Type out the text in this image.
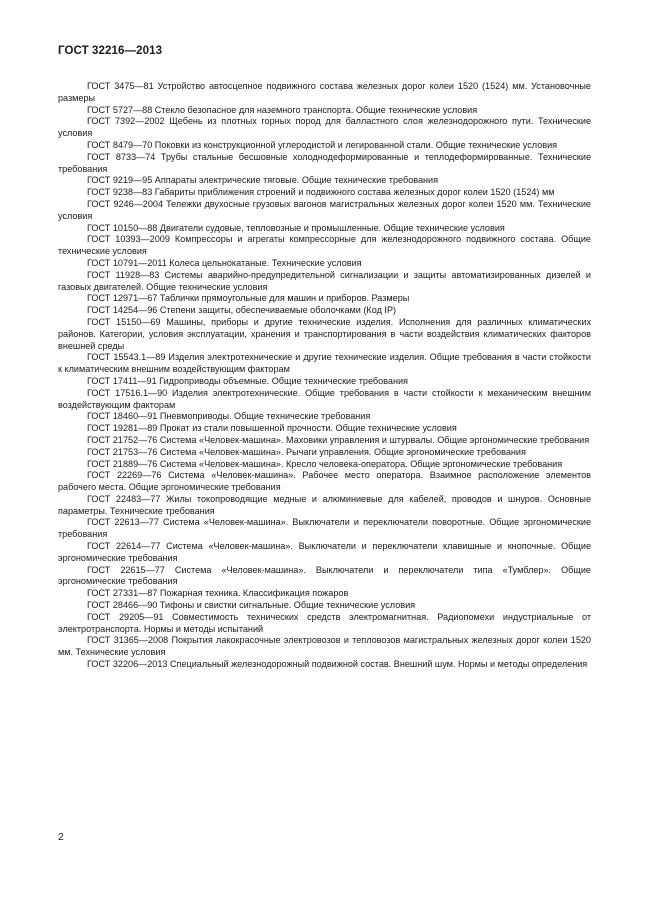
ГОСТ 32216—2013
ГОСТ 3475—81 Устройство автосцепное подвижного состава железных дорог колеи 1520 (1524) мм. Установочные размеры
ГОСТ 5727—88 Стекло безопасное для наземного транспорта. Общие технические условия
ГОСТ 7392—2002 Щебень из плотных горных пород для балластного слоя железнодорожного пути. Технические условия
ГОСТ 8479—70 Поковки из конструкционной углеродистой и легированной стали. Общие технические условия
ГОСТ 8733—74 Трубы стальные бесшовные холоднодеформированные и теплодеформированные. Технические требования
ГОСТ 9219—95 Аппараты электрические тяговые. Общие технические требования
ГОСТ 9238—83 Габариты приближения строений и подвижного состава железных дорог колеи 1520 (1524) мм
ГОСТ 9246—2004 Тележки двухосные грузовых вагонов магистральных железных дорог колеи 1520 мм. Технические условия
ГОСТ 10150—88 Двигатели судовые, тепловозные и промышленные. Общие технические условия
ГОСТ 10393—2009 Компрессоры и агрегаты компрессорные для железнодорожного подвижного состава. Общие технические условия
ГОСТ 10791—2011 Колеса цельнокатаные. Технические условия
ГОСТ 11928—83 Системы аварийно-предупредительной сигнализации и защиты автоматизированных дизелей и газовых двигателей. Общие технические условия
ГОСТ 12971—67 Таблички прямоугольные для машин и приборов. Размеры
ГОСТ 14254—96 Степени защиты, обеспечиваемые оболочками (Код IP)
ГОСТ 15150—69 Машины, приборы и другие технические изделия. Исполнения для различных климатических районов. Категории, условия эксплуатации, хранения и транспортирования в части воздействия климатических факторов внешней среды
ГОСТ 15543.1—89 Изделия электротехнические и другие технические изделия. Общие требования в части стойкости к климатическим внешним воздействующим факторам
ГОСТ 17411—91 Гидроприводы объемные. Общие технические требования
ГОСТ 17516.1—90 Изделия электротехнические. Общие требования в части стойкости к механическим внешним воздействующим факторам
ГОСТ 18460—91 Пневмоприводы. Общие технические требования
ГОСТ 19281—89 Прокат из стали повышенной прочности. Общие технические условия
ГОСТ 21752—76 Система «Человек-машина». Маховики управления и штурвалы. Общие эргономические требования
ГОСТ 21753—76 Система «Человек-машина». Рычаги управления. Общие эргономические требования
ГОСТ 21889—76 Система «Человек-машина». Кресло человека-оператора. Общие эргономические требования
ГОСТ 22269—76 Система «Человек-машина». Рабочее место оператора. Взаимное расположение элементов рабочего места. Общие эргономические требования
ГОСТ 22483—77 Жилы токопроводящие медные и алюминиевые для кабелей, проводов и шнуров. Основные параметры. Технические требования
ГОСТ 22613—77 Система «Человек-машина». Выключатели и переключатели поворотные. Общие эргономические требования
ГОСТ 22614—77 Система «Человек-машина». Выключатели и переключатели клавишные и кнопочные. Общие эргономические требования
ГОСТ 22615—77 Система «Человек-машина». Выключатели и переключатели типа «Тумблер». Общие эргономические требования
ГОСТ 27331—87 Пожарная техника. Классификация пожаров
ГОСТ 28466—90 Тифоны и свистки сигнальные. Общие технические условия
ГОСТ 29205—91 Совместимость технических средств электромагнитная. Радиопомехи индустриальные от электротранспорта. Нормы и методы испытаний
ГОСТ 31365—2008 Покрытия лакокрасочные электровозов и тепловозов магистральных железных дорог колеи 1520 мм. Технические условия
ГОСТ 32206—2013 Специальный железнодорожный подвижной состав. Внешний шум. Нормы и методы определения
2
